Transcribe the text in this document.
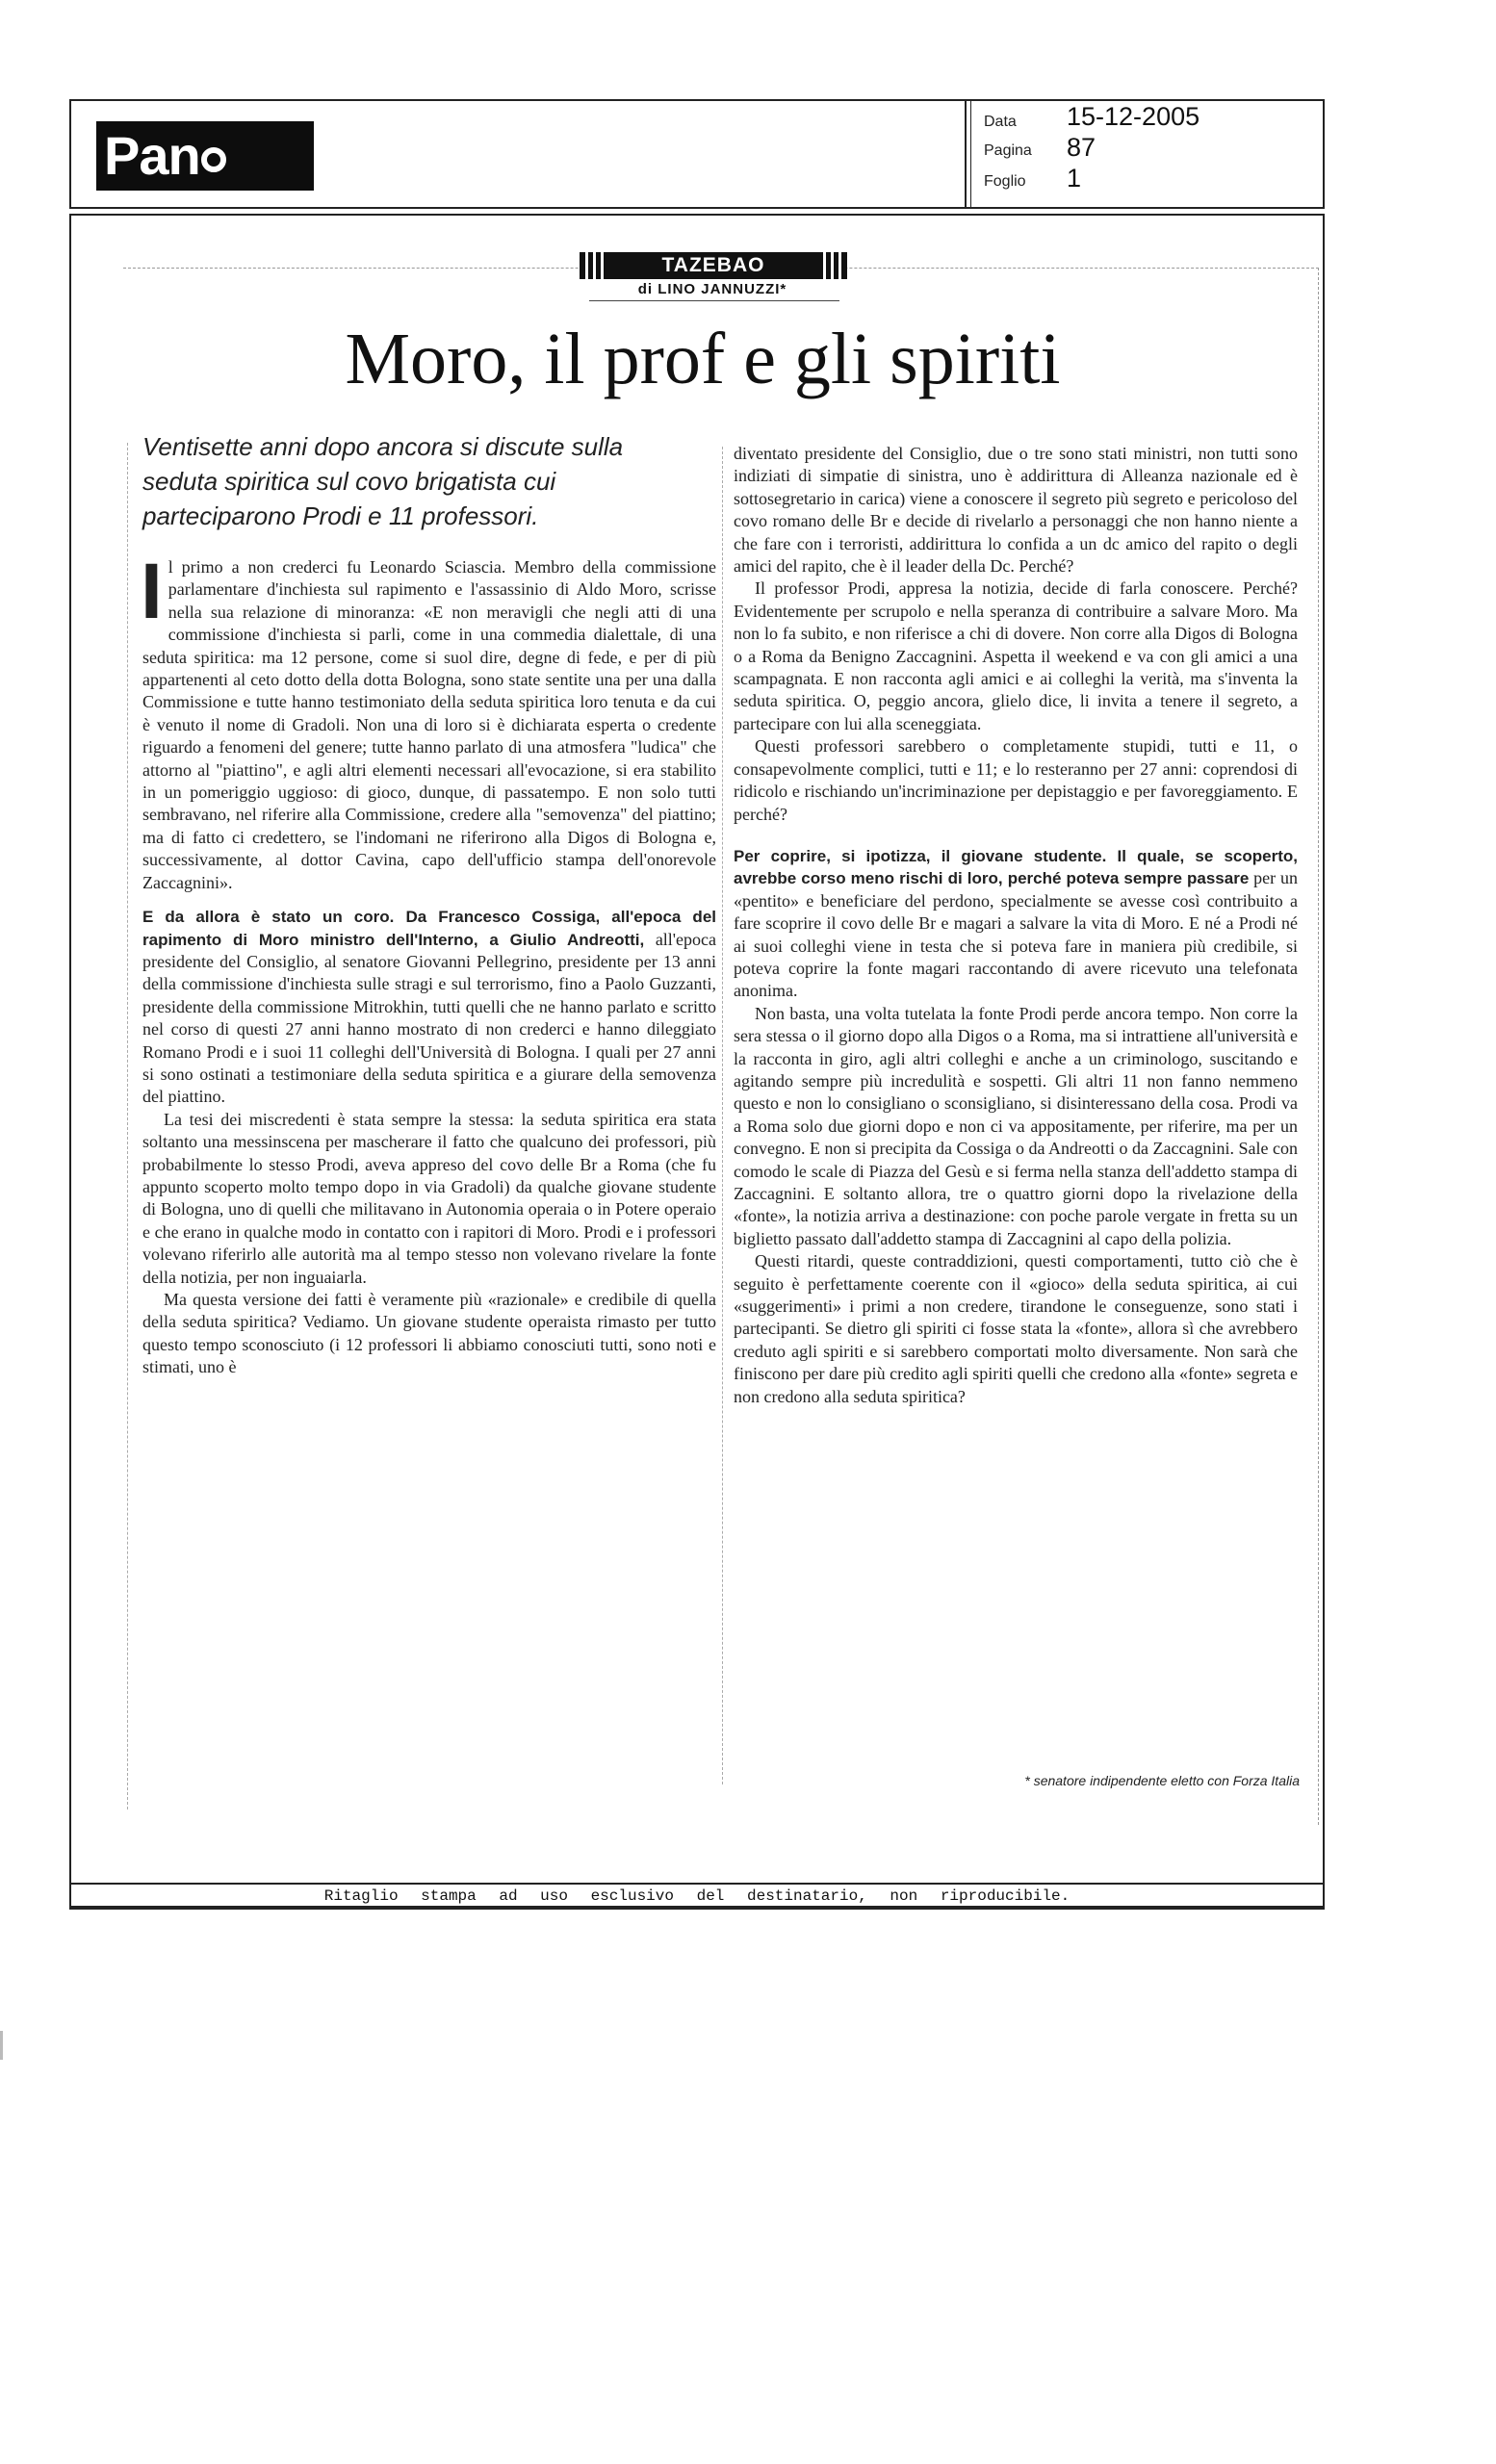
Panrama
Data 15-12-2005
Pagina 87
Foglio 1
TAZEBAO
di LINO JANNUZZI*
Moro, il prof e gli spiriti
Ventisette anni dopo ancora si discute sulla seduta spiritica sul covo brigatista cui parteciparono Prodi e 11 professori.

Il primo a non crederci fu Leonardo Sciascia. Membro della commissione parlamentare d'inchiesta sul rapimento e l'assassinio di Aldo Moro, scrisse nella sua relazione di minoranza: «E non meravigli che negli atti di una commissione d'inchiesta si parli, come in una commedia dialettale, di una seduta spiritica: ma 12 persone, come si suol dire, degne di fede, e per di più appartenenti al ceto dotto della dotta Bologna, sono state sentite una per una dalla Commissione e tutte hanno testimoniato della seduta spiritica loro tenuta e da cui è venuto il nome di Gradoli. Non una di loro si è dichiarata esperta o credente riguardo a fenomeni del genere; tutte hanno parlato di una atmosfera "ludica" che attorno al "piattino", e agli altri elementi necessari all'evocazione, si era stabilito in un pomeriggio uggioso: di gioco, dunque, di passatempo. E non solo tutti sembravano, nel riferire alla Commissione, credere alla "semovenza" del piattino; ma di fatto ci credettero, se l'indomani ne riferirono alla Digos di Bologna e, successivamente, al dottor Cavina, capo dell'ufficio stampa dell'onorevole Zaccagnini».

E da allora è stato un coro. Da Francesco Cossiga, all'epoca del rapimento di Moro ministro dell'Interno, a Giulio Andreotti, all'epoca presidente del Consiglio, al senatore Giovanni Pellegrino, presidente per 13 anni della commissione d'inchiesta sulle stragi e sul terrorismo, fino a Paolo Guzzanti, presidente della commissione Mitrokhin, tutti quelli che ne hanno parlato e scritto nel corso di questi 27 anni hanno mostrato di non crederci e hanno dileggiato Romano Prodi e i suoi 11 colleghi dell'Università di Bologna. I quali per 27 anni si sono ostinati a testimoniare della seduta spiritica e a giurare della semovenza del piattino.

La tesi dei miscredenti è stata sempre la stessa: la seduta spiritica era stata soltanto una messinscena per mascherare il fatto che qualcuno dei professori, più probabilmente lo stesso Prodi, aveva appreso del covo delle Br a Roma (che fu appunto scoperto molto tempo dopo in via Gradoli) da qualche giovane studente di Bologna, uno di quelli che militavano in Autonomia operaia o in Potere operaio e che erano in qualche modo in contatto con i rapitori di Moro. Prodi e i professori volevano riferirlo alle autorità ma al tempo stesso non volevano rivelare la fonte della notizia, per non inguaiarla.

Ma questa versione dei fatti è veramente più «razionale» e credibile di quella della seduta spiritica? Vediamo. Un giovane studente operaista rimasto per tutto questo tempo sconosciuto (i 12 professori li abbiamo conosciuti tutti, sono noti e stimati, uno è

diventato presidente del Consiglio, due o tre sono stati ministri, non tutti sono indiziati di simpatie di sinistra, uno è addirittura di Alleanza nazionale ed è sottosegretario in carica) viene a conoscere il segreto più segreto e pericoloso del covo romano delle Br e decide di rivelarlo a personaggi che non hanno niente a che fare con i terroristi, addirittura lo confida a un dc amico del rapito o degli amici del rapito, che è il leader della Dc. Perché?

Il professor Prodi, appresa la notizia, decide di farla conoscere. Perché? Evidentemente per scrupolo e nella speranza di contribuire a salvare Moro. Ma non lo fa subito, e non riferisce a chi di dovere. Non corre alla Digos di Bologna o a Roma da Benigno Zaccagnini. Aspetta il weekend e va con gli amici a una scampagnata. E non racconta agli amici e ai colleghi la verità, ma s'inventa la seduta spiritica. O, peggio ancora, glielo dice, li invita a tenere il segreto, a partecipare con lui alla sceneggiata.

Questi professori sarebbero o completamente stupidi, tutti e 11, o consapevolmente complici, tutti e 11; e lo resteranno per 27 anni: coprendosi di ridicolo e rischiando un'incriminazione per depistaggio e per favoreggiamento. E perché?

Per coprire, si ipotizza, il giovane studente. Il quale, se scoperto, avrebbe corso meno rischi di loro, perché poteva sempre passare per un «pentito» e beneficiare del perdono, specialmente se avesse così contribuito a fare scoprire il covo delle Br e magari a salvare la vita di Moro. E né a Prodi né ai suoi colleghi viene in testa che si poteva fare in maniera più credibile, si poteva coprire la fonte magari raccontando di avere ricevuto una telefonata anonima.

Non basta, una volta tutelata la fonte Prodi perde ancora tempo. Non corre la sera stessa o il giorno dopo alla Digos o a Roma, ma si intrattiene all'università e la racconta in giro, agli altri colleghi e anche a un criminologo, suscitando e agitando sempre più incredulità e sospetti. Gli altri 11 non fanno nemmeno questo e non lo consigliano o sconsigliano, si disinteressano della cosa. Prodi va a Roma solo due giorni dopo e non ci va appositamente, per riferire, ma per un convegno. E non si precipita da Cossiga o da Andreotti o da Zaccagnini. Sale con comodo le scale di Piazza del Gesù e si ferma nella stanza dell'addetto stampa di Zaccagnini. E soltanto allora, tre o quattro giorni dopo la rivelazione della «fonte», la notizia arriva a destinazione: con poche parole vergate in fretta su un biglietto passato dall'addetto stampa di Zaccagnini al capo della polizia.

Questi ritardi, queste contraddizioni, questi comportamenti, tutto ciò che è seguito è perfettamente coerente con il «gioco» della seduta spiritica, ai cui «suggerimenti» i primi a non credere, tirandone le conseguenze, sono stati i partecipanti. Se dietro gli spiriti ci fosse stata la «fonte», allora sì che avrebbero creduto agli spiriti e si sarebbero comportati molto diversamente. Non sarà che finiscono per dare più credito agli spiriti quelli che credono alla «fonte» segreta e non credono alla seduta spiritica?

* senatore indipendente eletto con Forza Italia
Ritaglio stampa ad uso esclusivo del destinatario, non riproducibile.
